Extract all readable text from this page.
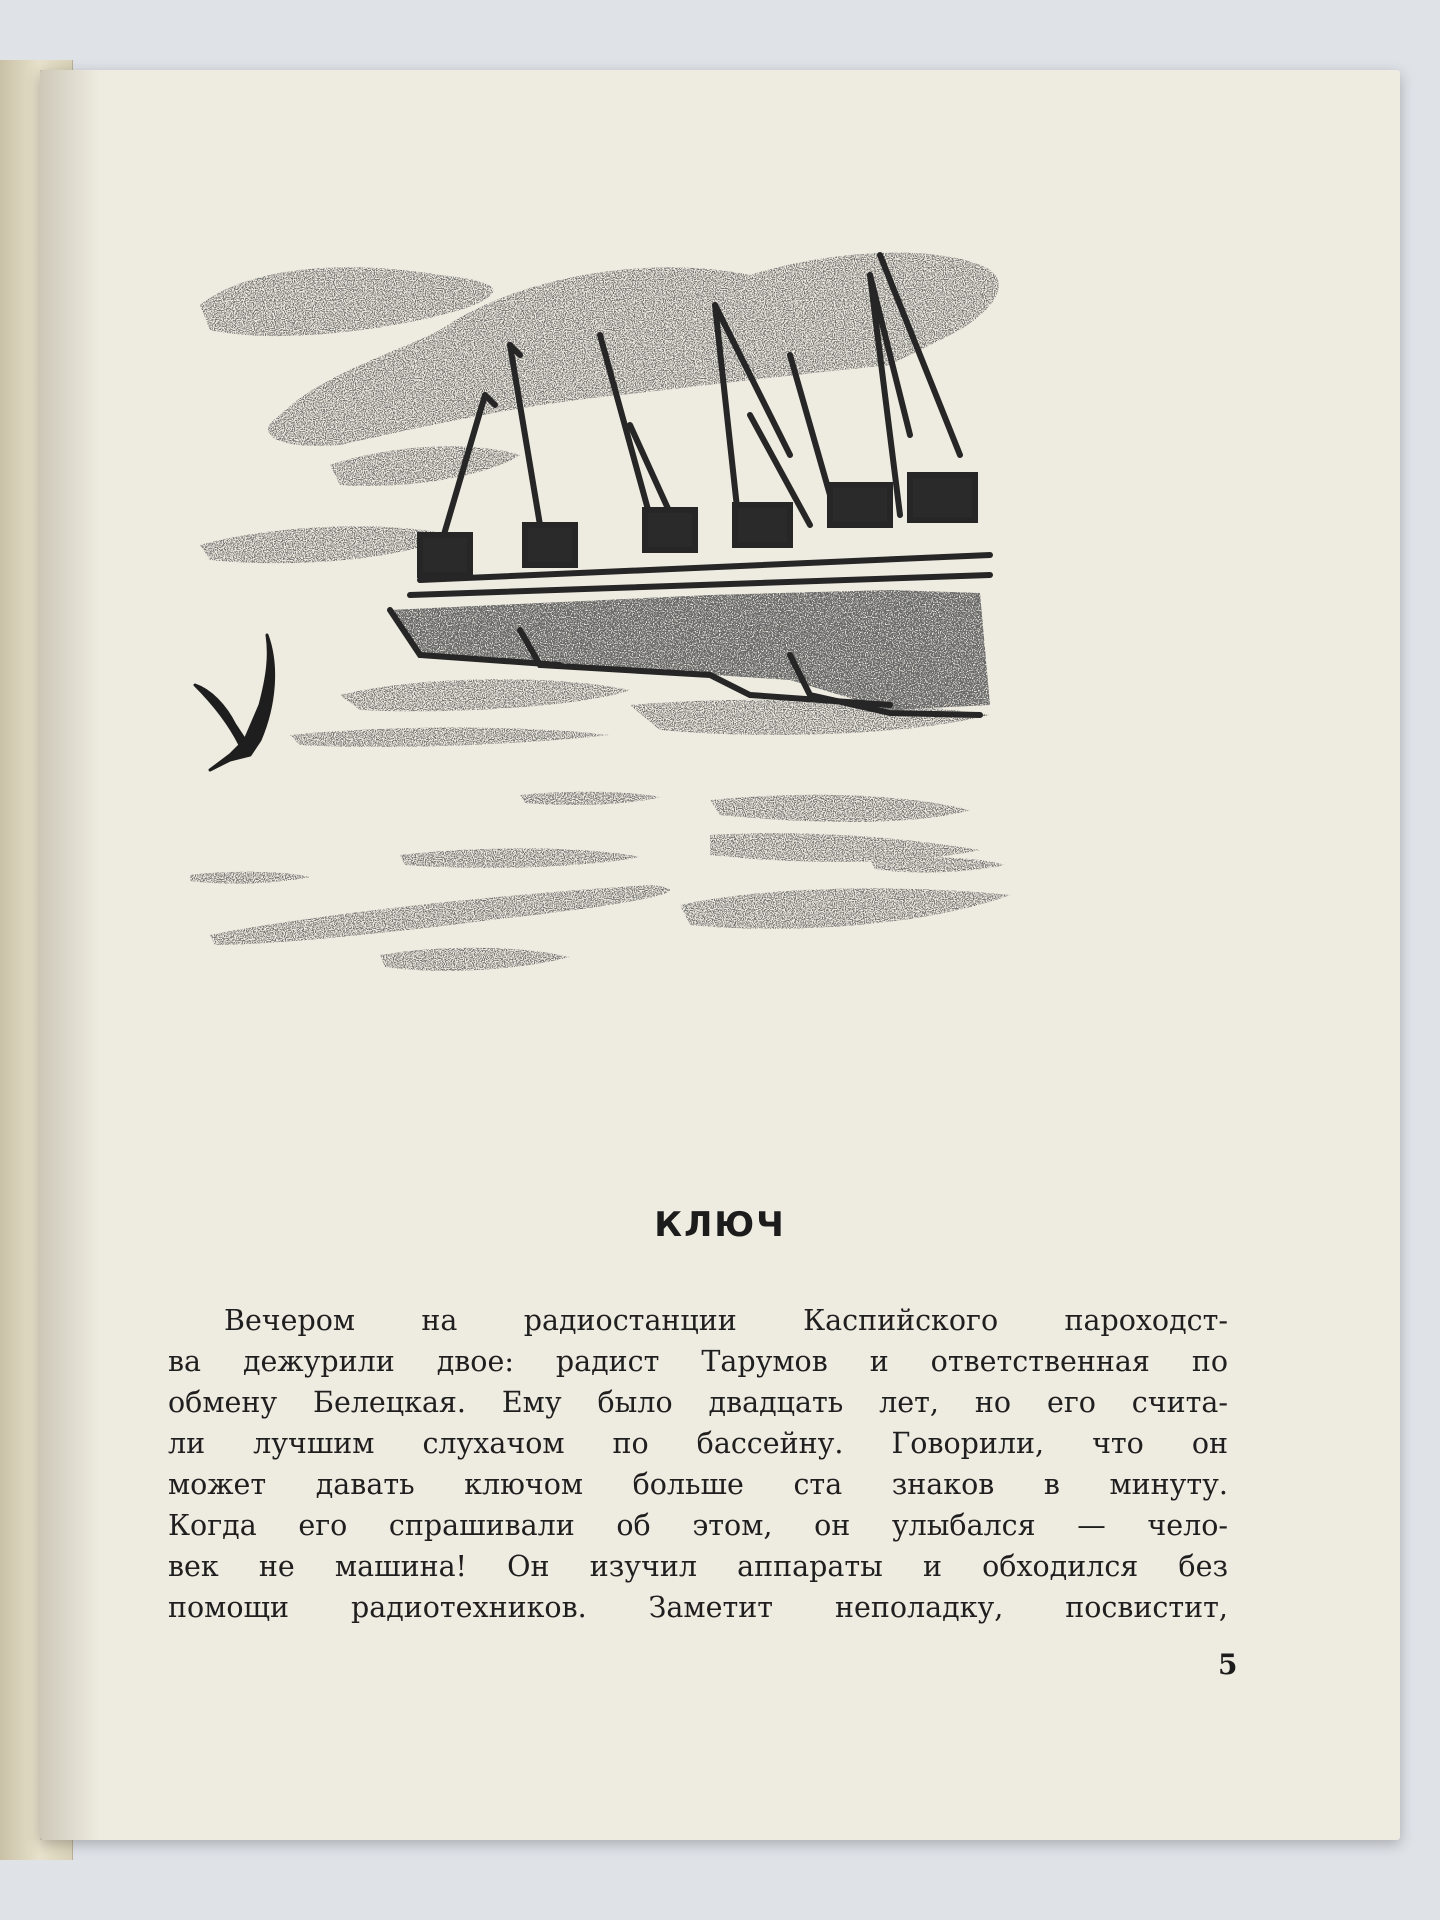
КЛЮЧ
Вечером на радиостанции Каспийского пароходст-
ва дежурили двое: радист Тарумов и ответственная по
обмену Белецкая. Ему было двадцать лет, но его счита-
ли лучшим слухачом по бассейну. Говорили, что он
может давать ключом больше ста знаков в минуту.
Когда его спрашивали об этом, он улыбался — чело-
век не машина! Он изучил аппараты и обходился без
помощи радиотехников. Заметит неполадку, посвистит,
5
